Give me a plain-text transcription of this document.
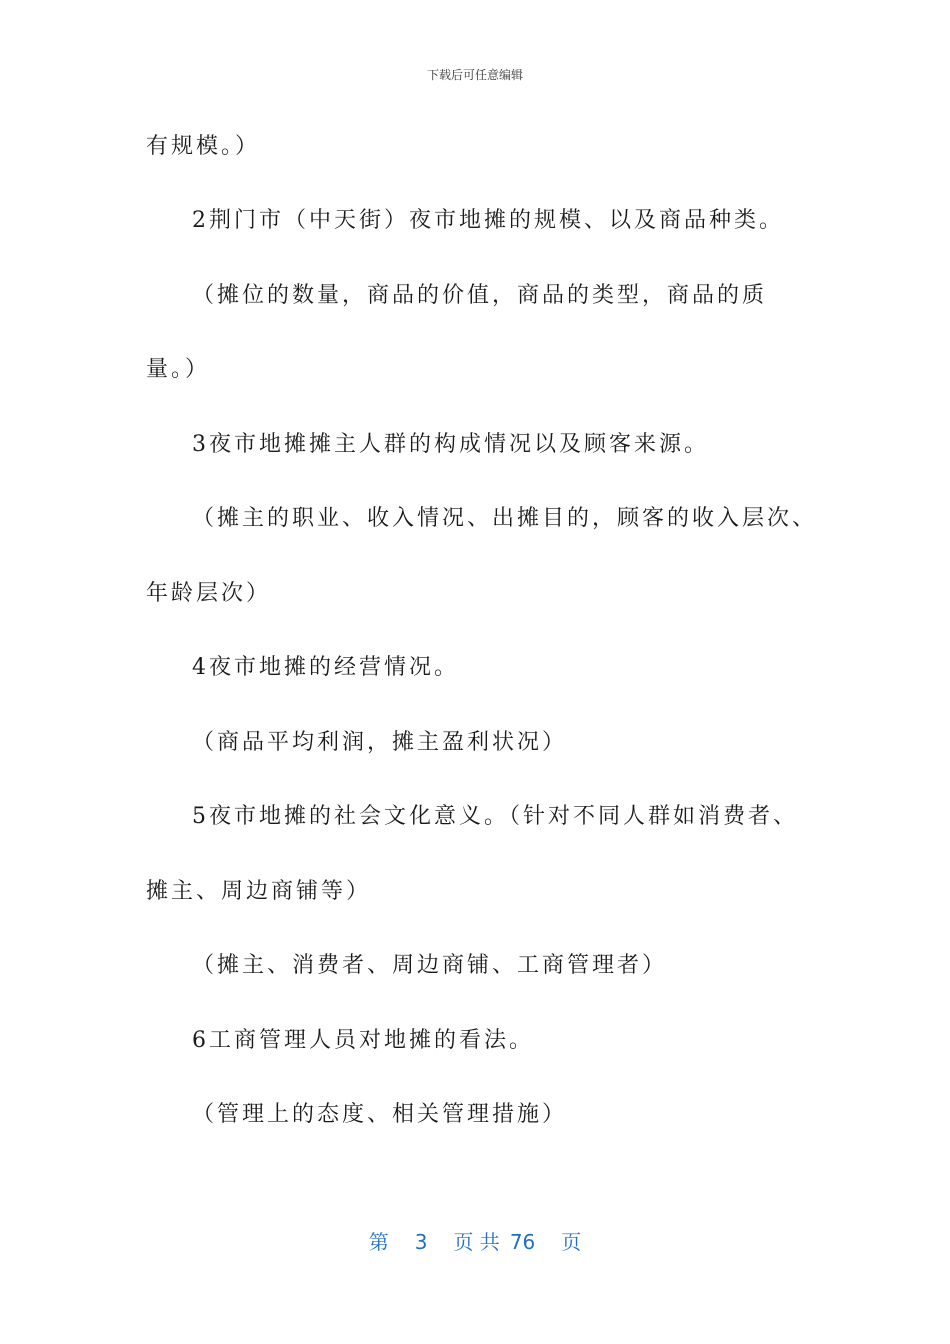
下载后可任意编辑
有规模。）
2荆门市（中天街）夜市地摊的规模、以及商品种类。
（摊位的数量，商品的价值，商品的类型，商品的质
量。）
3夜市地摊摊主人群的构成情况以及顾客来源。
（摊主的职业、收入情况、出摊目的，顾客的收入层次、
年龄层次）
4夜市地摊的经营情况。
（商品平均利润，摊主盈利状况）
5夜市地摊的社会文化意义。（针对不同人群如消费者、
摊主、周边商铺等）
（摊主、消费者、周边商铺、工商管理者）
6工商管理人员对地摊的看法。
（管理上的态度、相关管理措施）
第 3 页 共 76 页
